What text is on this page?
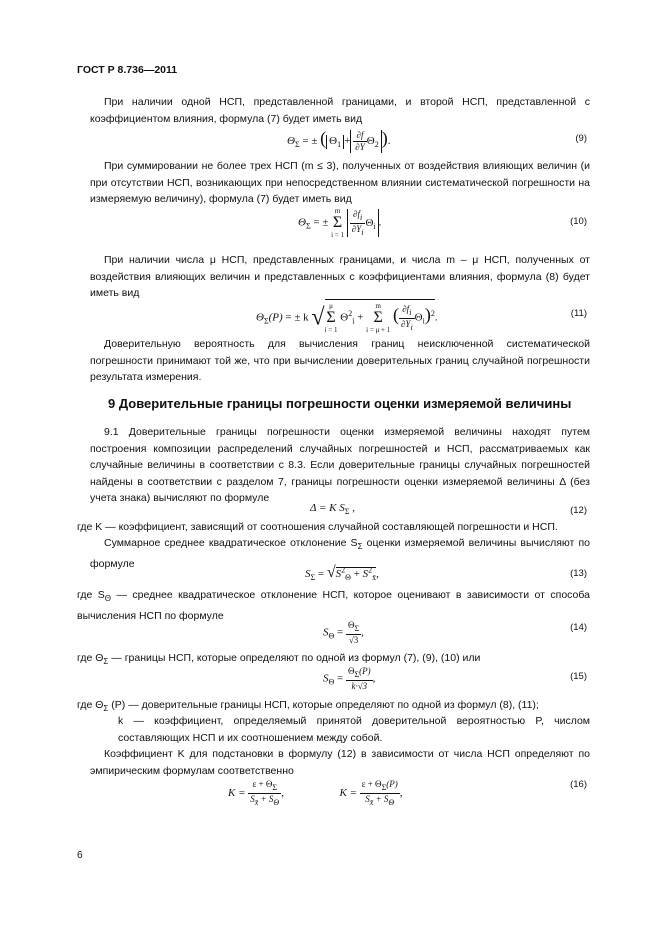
ГОСТ Р 8.736—2011
При наличии одной НСП, представленной границами, и второй НСП, представленной с коэффициентом влияния, формула (7) будет иметь вид
$\Theta_\Sigma$ = ± ( $\Theta_1 + \frac{\partial f}{\partial Y} \Theta_2$ ).	(9)
При суммировании не более трех НСП (m ≤ 3), полученных от воздействия влияющих величин (и при отсутствии НСП, возникающих при непосредственном влиянии систематической погрешности на измеряемую величину), формула (7) будет иметь вид
$\Theta_\Sigma$ = ± m
Σ
$i = 1 \frac{\partial f_i}{\partial Y_i} \Theta_i$ .	(10)
При наличии числа μ НСП, представленных границами, и числа m – μ НСП, полученных от воздействия влияющих величин и представленных с коэффициентами влияния, формула (8) будет иметь вид
$\Theta_\Sigma(P)$ = ± k √ μ
Σ
i = 1 $\Theta^2_i + m$
Σ
i = μ + 1 ( $\frac{\partial f_i}{\partial Y_i} \Theta_i)^2$.	(11)
Доверительную вероятность для вычисления границ неисключенной систематической погрешности принимают той же, что при вычислении доверительных границ случайной погрешности результата измерения.
9 Доверительные границы погрешности оценки измеряемой величины
9.1 Доверительные границы погрешности оценки измеряемой величины находят путем построения композиции распределений случайных погрешностей и НСП, рассматриваемых как случайные величины в соответствии с 8.3. Если доверительные границы случайных погрешностей найдены в соответствии с разделом 7, границы погрешности оценки измеряемой величины Δ (без учета знака) вычисляют по формуле
Δ = K $S_\Sigma$ ,	(12)
где K — коэффициент, зависящий от соотношения случайной составляющей погрешности и НСП.
Суммарное среднее квадратическое отклонение $S_\Sigma$ оценки измеряемой величины вычисляют по формуле
$S_\Sigma = √S^2_\Theta + S^2_{x̄}$,	(13)
где $S_\Theta$ — среднее квадратическое отклонение НСП, которое оценивают в зависимости от способа вычисления НСП по формуле
$S_\Theta = \frac{\Theta_\Sigma}{√3}$ ,	(14)
где $\Theta_\Sigma$ — границы НСП, которые определяют по одной из формул (7), (9), (10) или
$S_\Theta = \frac{\Theta_\Sigma(P)}{k\cdot√3}$ ,	(15)
где $\Theta_\Sigma$ (P) — доверительные границы НСП, которые определяют по одной из формул (8), (11);
k — коэффициент, определяемый принятой доверительной вероятностью P, числом составляющих НСП и их соотношением между собой.
Коэффициент K для подстановки в формулу (12) в зависимости от числа НСП определяют по эмпирическим формулам соответственно
$K = \frac{\varepsilon + \Theta_\Sigma}{S_{x̄} + S_\Theta}$ ,	$K = \frac{\varepsilon + \Theta_\Sigma(P)}{S_{x̄} + S_\Theta}$ ,
(16)
6
